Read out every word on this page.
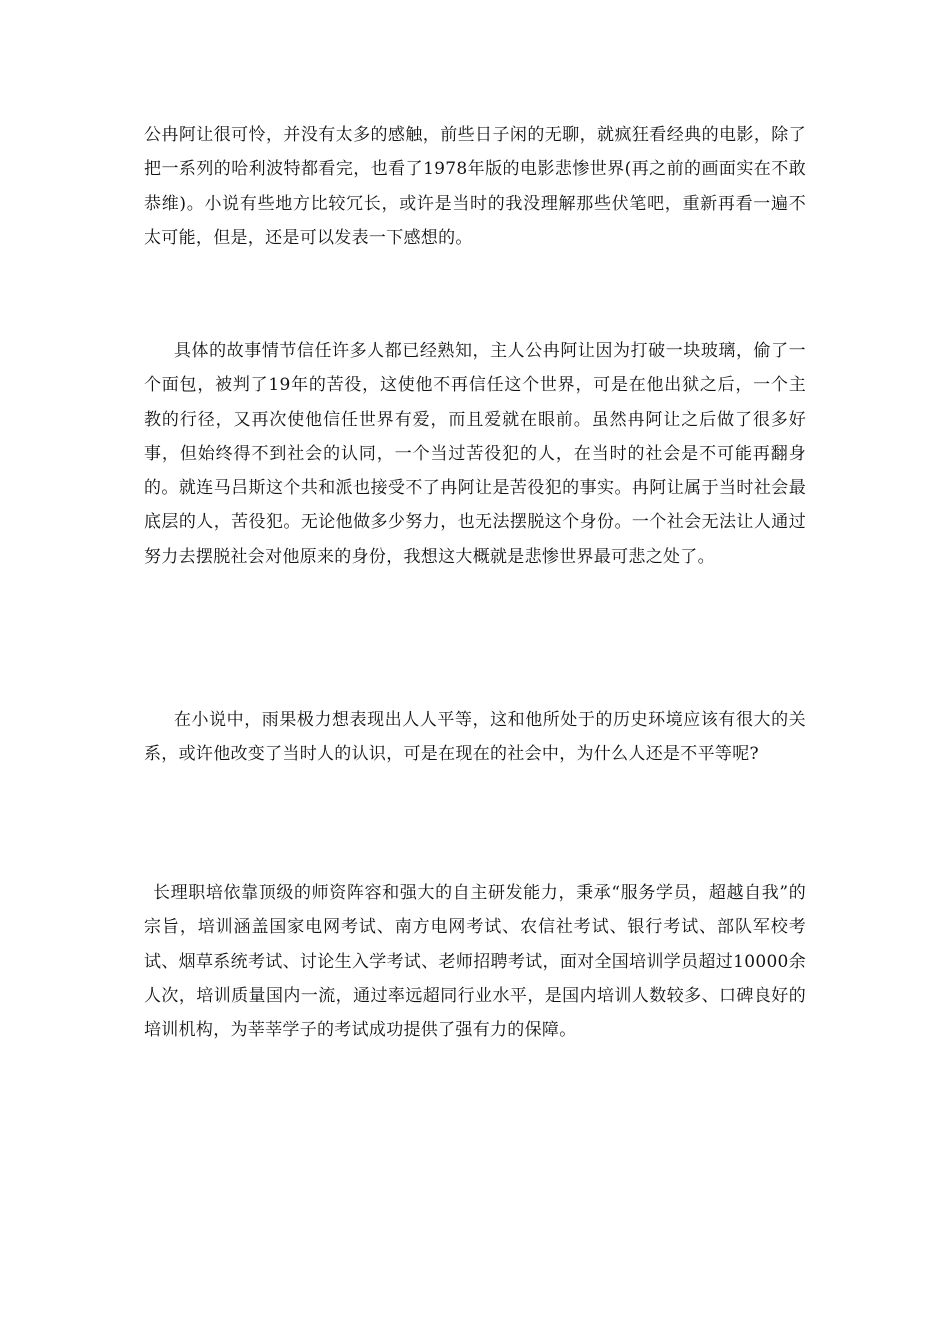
公冉阿让很可怜，并没有太多的感触，前些日子闲的无聊，就疯狂看经典的电影，除了把一系列的哈利波特都看完，也看了1978年版的电影悲惨世界(再之前的画面实在不敢恭维)。小说有些地方比较冗长，或许是当时的我没理解那些伏笔吧，重新再看一遍不太可能，但是，还是可以发表一下感想的。

具体的故事情节信任许多人都已经熟知，主人公冉阿让因为打破一块玻璃，偷了一个面包，被判了19年的苦役，这使他不再信任这个世界，可是在他出狱之后，一个主教的行径，又再次使他信任世界有爱，而且爱就在眼前。虽然冉阿让之后做了很多好事，但始终得不到社会的认同，一个当过苦役犯的人，在当时的社会是不可能再翻身的。就连马吕斯这个共和派也接受不了冉阿让是苦役犯的事实。冉阿让属于当时社会最底层的人，苦役犯。无论他做多少努力，也无法摆脱这个身份。一个社会无法让人通过努力去摆脱社会对他原来的身份，我想这大概就是悲惨世界最可悲之处了。

在小说中，雨果极力想表现出人人平等，这和他所处于的历史环境应该有很大的关系，或许他改变了当时人的认识，可是在现在的社会中，为什么人还是不平等呢?

长理职培依靠顶级的师资阵容和强大的自主研发能力，秉承“服务学员，超越自我”的宗旨，培训涵盖国家电网考试、南方电网考试、农信社考试、银行考试、部队军校考试、烟草系统考试、讨论生入学考试、老师招聘考试，面对全国培训学员超过10000余人次，培训质量国内一流，通过率远超同行业水平，是国内培训人数较多、口碑良好的培训机构，为莘莘学子的考试成功提供了强有力的保障。
